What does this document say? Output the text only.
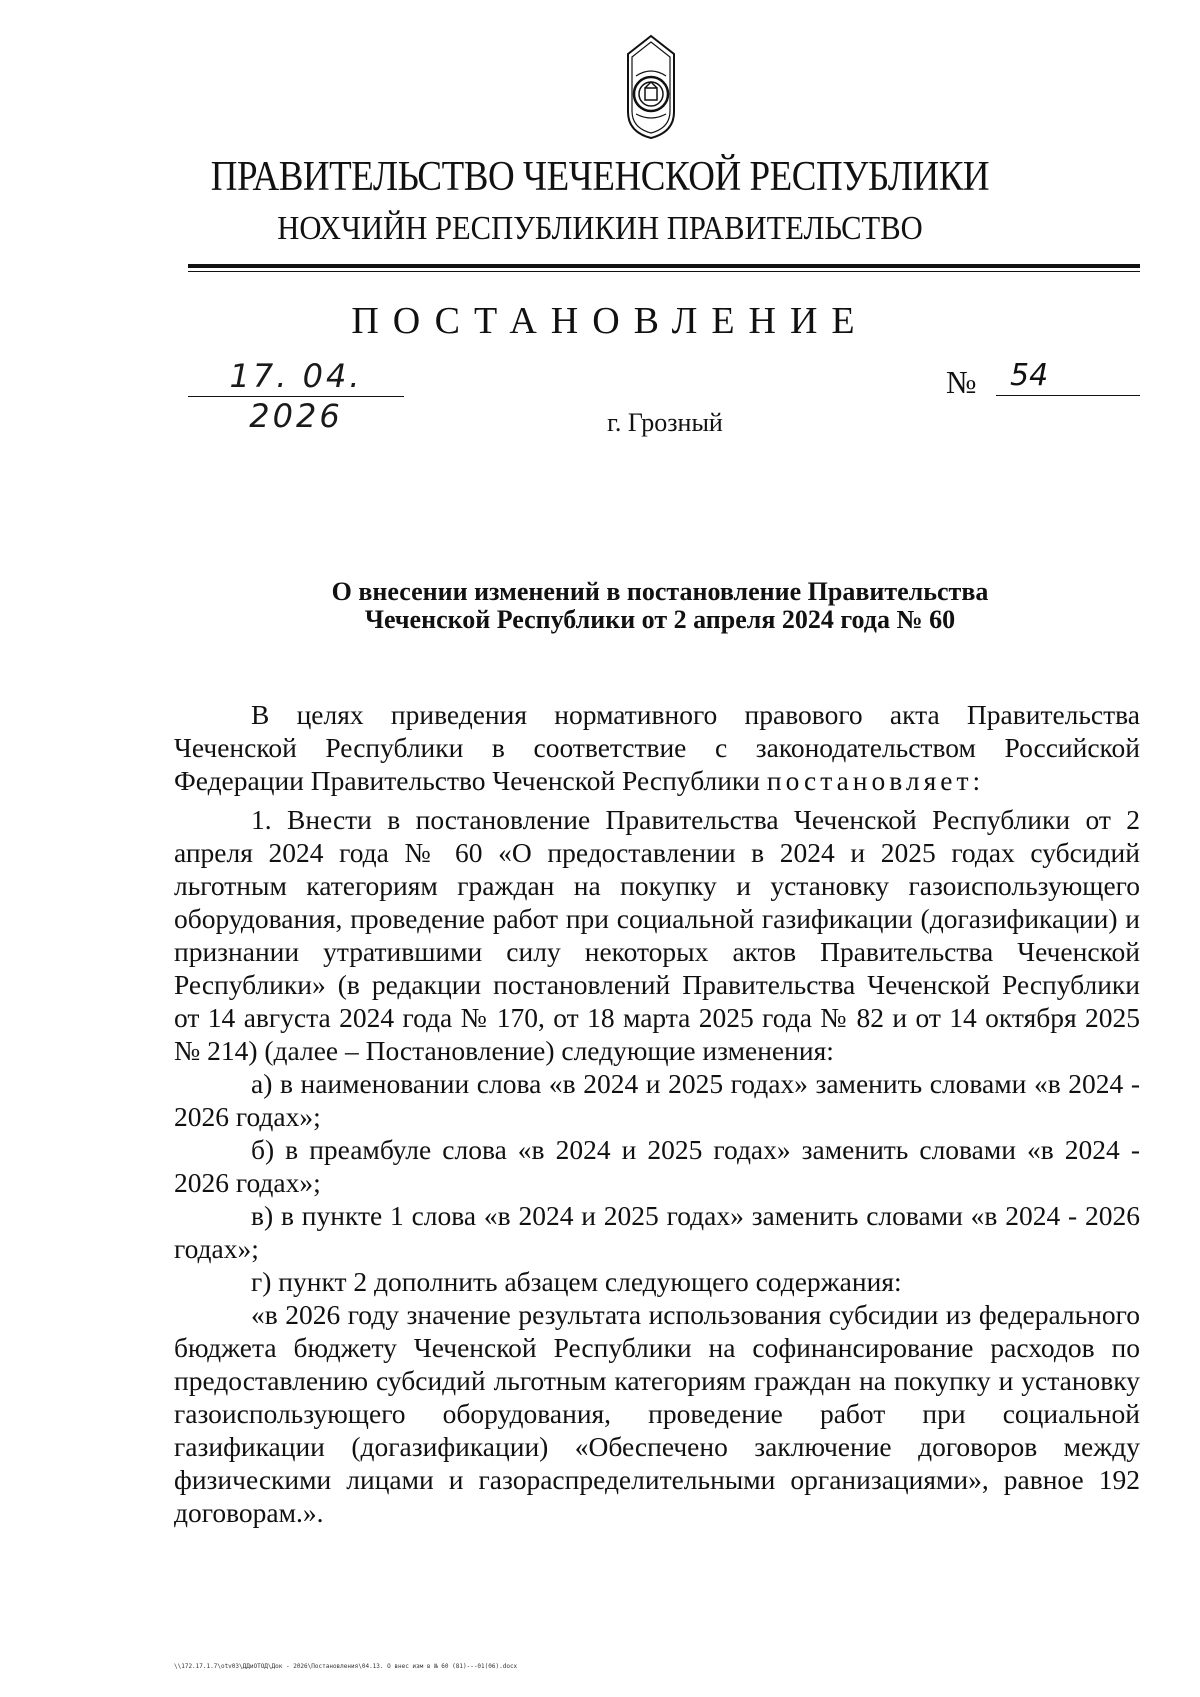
ПРАВИТЕЛЬСТВО ЧЕЧЕНСКОЙ РЕСПУБЛИКИ
НОХЧИЙН РЕСПУБЛИКИН ПРАВИТЕЛЬСТВО
ПОСТАНОВЛЕНИЕ
17. 04. 2026
№	54
г. Грозный
О внесении изменений в постановление Правительства
Чеченской Республики от 2 апреля 2024 года № 60

В целях приведения нормативного правового акта Правительства Чеченской Республики в соответствие с законодательством Российской Федерации Правительство Чеченской Республики постановляет:

1. Внести в постановление Правительства Чеченской Республики от 2 апреля 2024 года № 60 «О предоставлении в 2024 и 2025 годах субсидий льготным категориям граждан на покупку и установку газоиспользующего оборудования, проведение работ при социальной газификации (догазификации) и признании утратившими силу некоторых актов Правительства Чеченской Республики» (в редакции постановлений Правительства Чеченской Республики от 14 августа 2024 года № 170, от 18 марта 2025 года № 82 и от 14 октября 2025 № 214) (далее – Постановление) следующие изменения:

а) в наименовании слова «в 2024 и 2025 годах» заменить словами «в 2024 - 2026 годах»;

б) в преамбуле слова «в 2024 и 2025 годах» заменить словами «в 2024 - 2026 годах»;

в) в пункте 1 слова «в 2024 и 2025 годах» заменить словами «в 2024 - 2026 годах»;

г) пункт 2 дополнить абзацем следующего содержания:

«в 2026 году значение результата использования субсидии из федерального бюджета бюджету Чеченской Республики на софинансирование расходов по предоставлению субсидий льготным категориям граждан на покупку и установку газоиспользующего оборудования, проведение работ при социальной газификации (догазификации) «Обеспечено заключение договоров между физическими лицами и газораспределительными организациями», равное 192 договорам.».

\\172.17.1.7\otv03\ДДиОТОД\Док - 2026\Постановления\04.13. О внес изм в № 60 (81)---01(06).docx
